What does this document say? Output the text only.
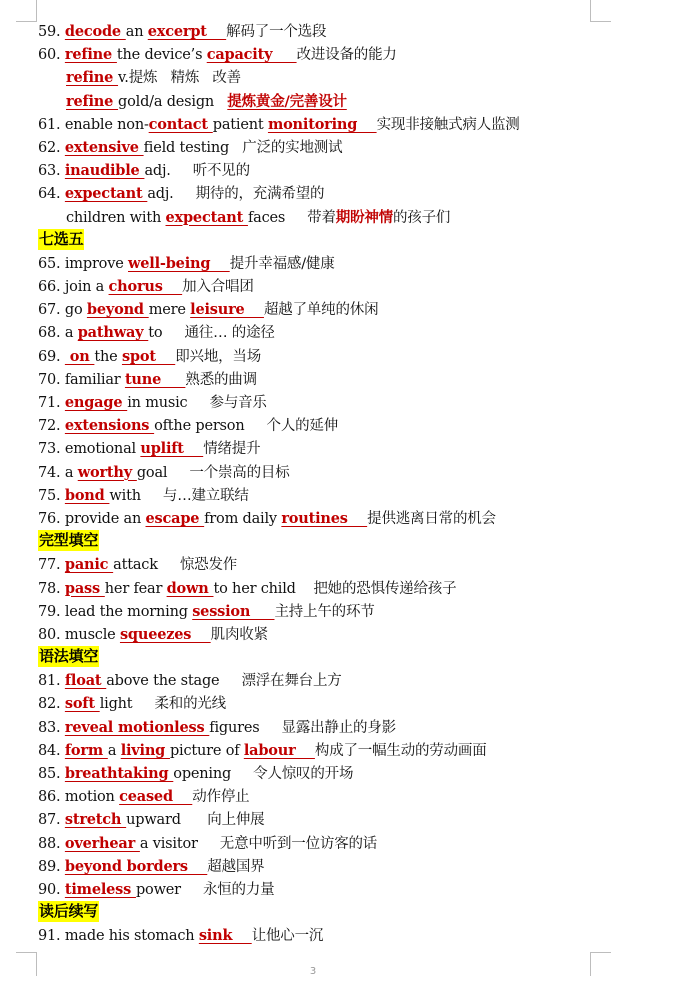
59. decode an excerpt    解码了一个选段
60. refine the device’s capacity     改进设备的能力
refine v.提炼   精炼   改善
refine gold/a design   提炼黄金/完善设计
61. enable non-contact patient monitoring    实现非接触式病人监测
62. extensive field testing   广泛的实地测试
63. inaudible adj.     听不见的
64. expectant adj.     期待的，充满希望的
children with expectant faces     带着期盼神情的孩子们
七选五
65. improve well-being    提升幸福感/健康
66. join a chorus    加入合唱团
67. go beyond mere leisure    超越了单纯的休闲
68. a pathway to     通往… 的途径
69.  on the spot    即兴地，当场
70. familiar tune     熟悉的曲调
71. engage in music     参与音乐
72. extensions ofthe person     个人的延伸
73. emotional uplift    情绪提升
74. a worthy goal     一个崇高的目标
75. bond with     与…建立联结
76. provide an escape from daily routines    提供逃离日常的机会
完型填空
77. panic attack     惊恐发作
78. pass her fear down to her child    把她的恐惧传递给孩子
79. lead the morning session     主持上午的环节
80. muscle squeezes    肌肉收紧
语法填空
81. float above the stage     漂浮在舞台上方
82. soft light     柔和的光线
83. reveal motionless figures     显露出静止的身影
84. form a living picture of labour    构成了一幅生动的劳动画面
85. breathtaking opening     令人惊叹的开场
86. motion ceased    动作停止
87. stretch upward      向上伸展
88. overhear a visitor     无意中听到一位访客的话
89. beyond borders    超越国界
90. timeless power     永恒的力量
读后续写
91. made his stomach sink    让他心一沉
3
